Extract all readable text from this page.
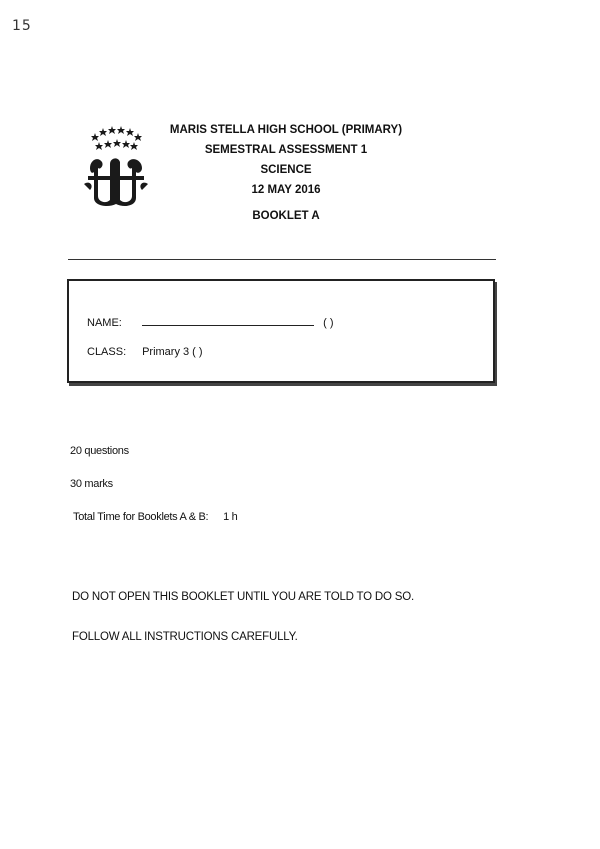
15
MARIS STELLA HIGH SCHOOL (PRIMARY)
SEMESTRAL ASSESSMENT 1
SCIENCE
12 MAY 2016
BOOKLET A
NAME:	( )
CLASS: Primary 3 ( )
20 questions
30 marks
Total Time for Booklets A & B: 1 h
DO NOT OPEN THIS BOOKLET UNTIL YOU ARE TOLD TO DO SO.
FOLLOW ALL INSTRUCTIONS CAREFULLY.
